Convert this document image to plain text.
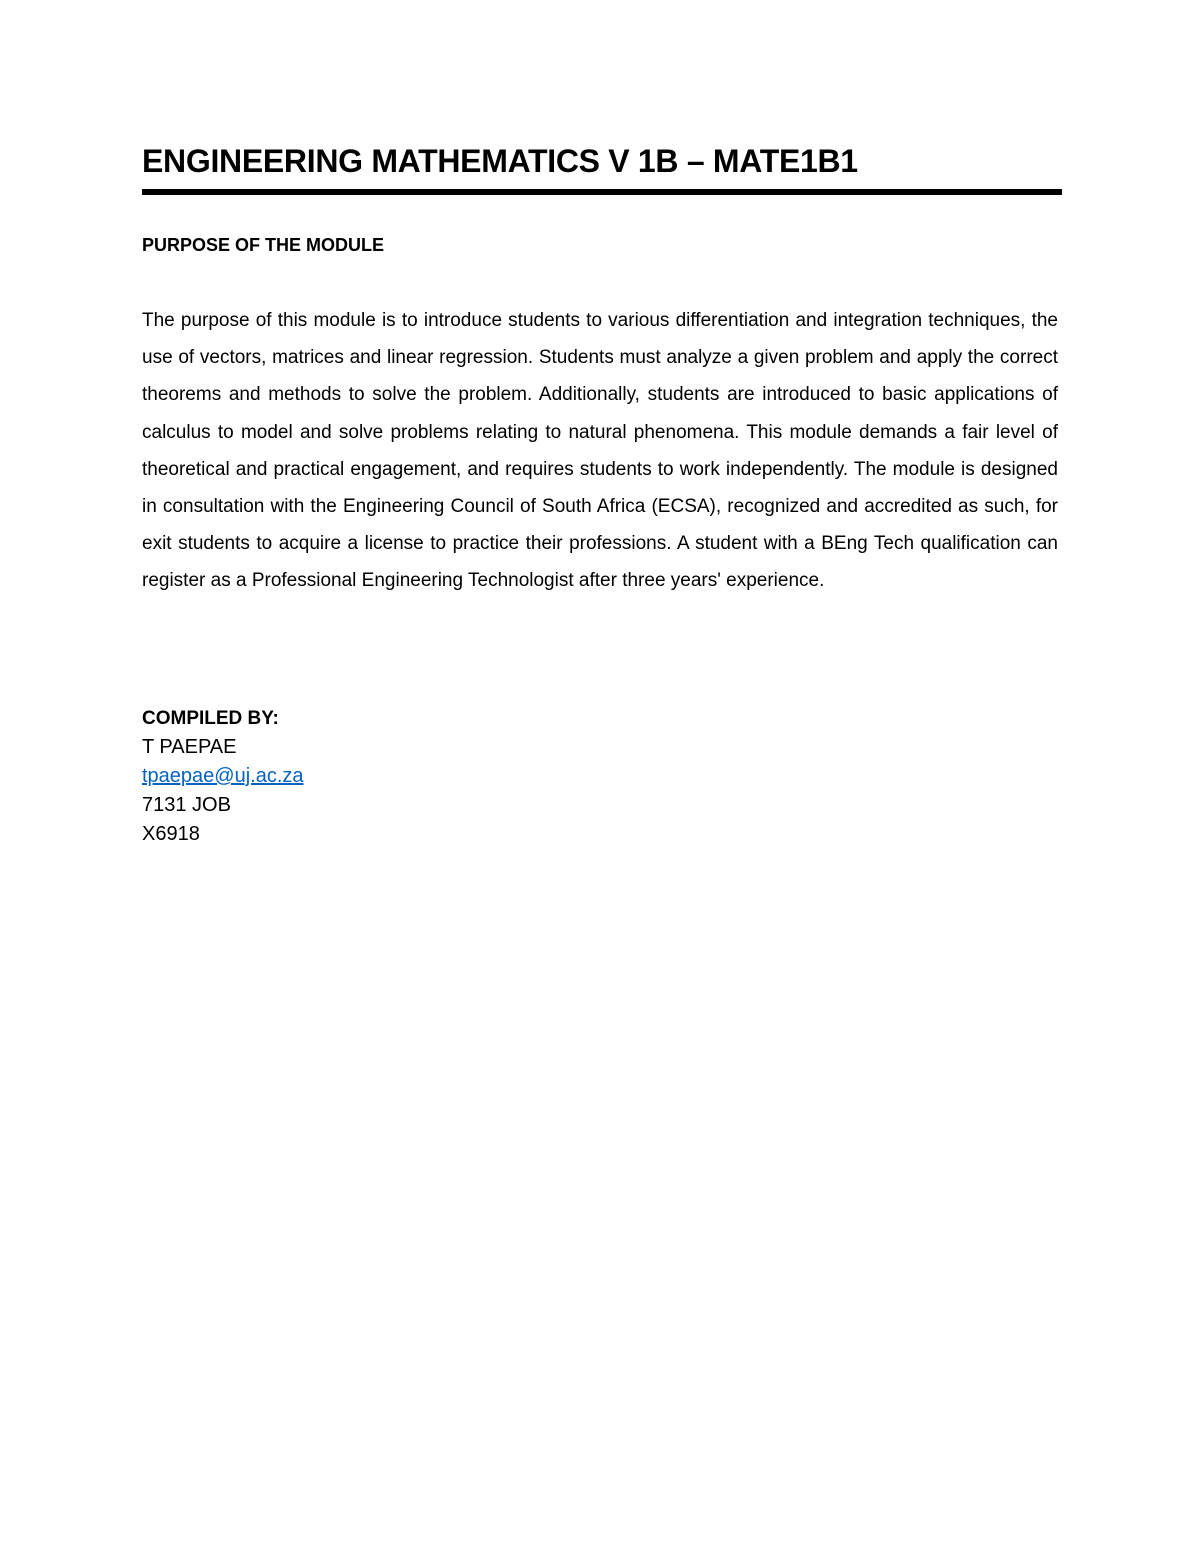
ENGINEERING MATHEMATICS V 1B – MATE1B1
PURPOSE OF THE MODULE

The purpose of this module is to introduce students to various differentiation and integration techniques, the use of vectors, matrices and linear regression. Students must analyze a given problem and apply the correct theorems and methods to solve the problem. Additionally, students are introduced to basic applications of calculus to model and solve problems relating to natural phenomena. This module demands a fair level of theoretical and practical engagement, and requires students to work independently. The module is designed in consultation with the Engineering Council of South Africa (ECSA), recognized and accredited as such, for exit students to acquire a license to practice their professions. A student with a BEng Tech qualification can register as a Professional Engineering Technologist after three years' experience.

COMPILED BY:
T PAEPAE
tpaepae@uj.ac.za
7131 JOB
X6918
